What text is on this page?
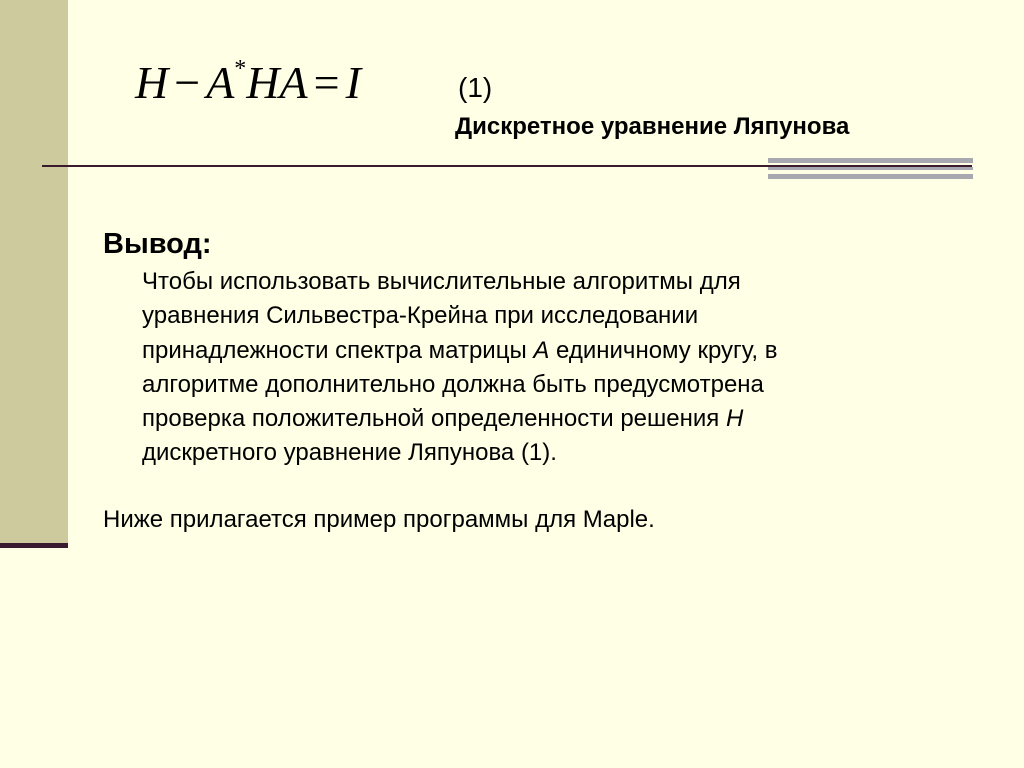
H − A*HA = I	(1)
Дискретное уравнение Ляпунова
Вывод:
Чтобы использовать вычислительные алгоритмы для
уравнения Сильвестра-Крейна при исследовании
принадлежности спектра матрицы A единичному кругу, в
алгоритме дополнительно должна быть предусмотрена
проверка положительной определенности решения H
дискретного уравнение Ляпунова (1).
Ниже прилагается пример программы для Maple.
